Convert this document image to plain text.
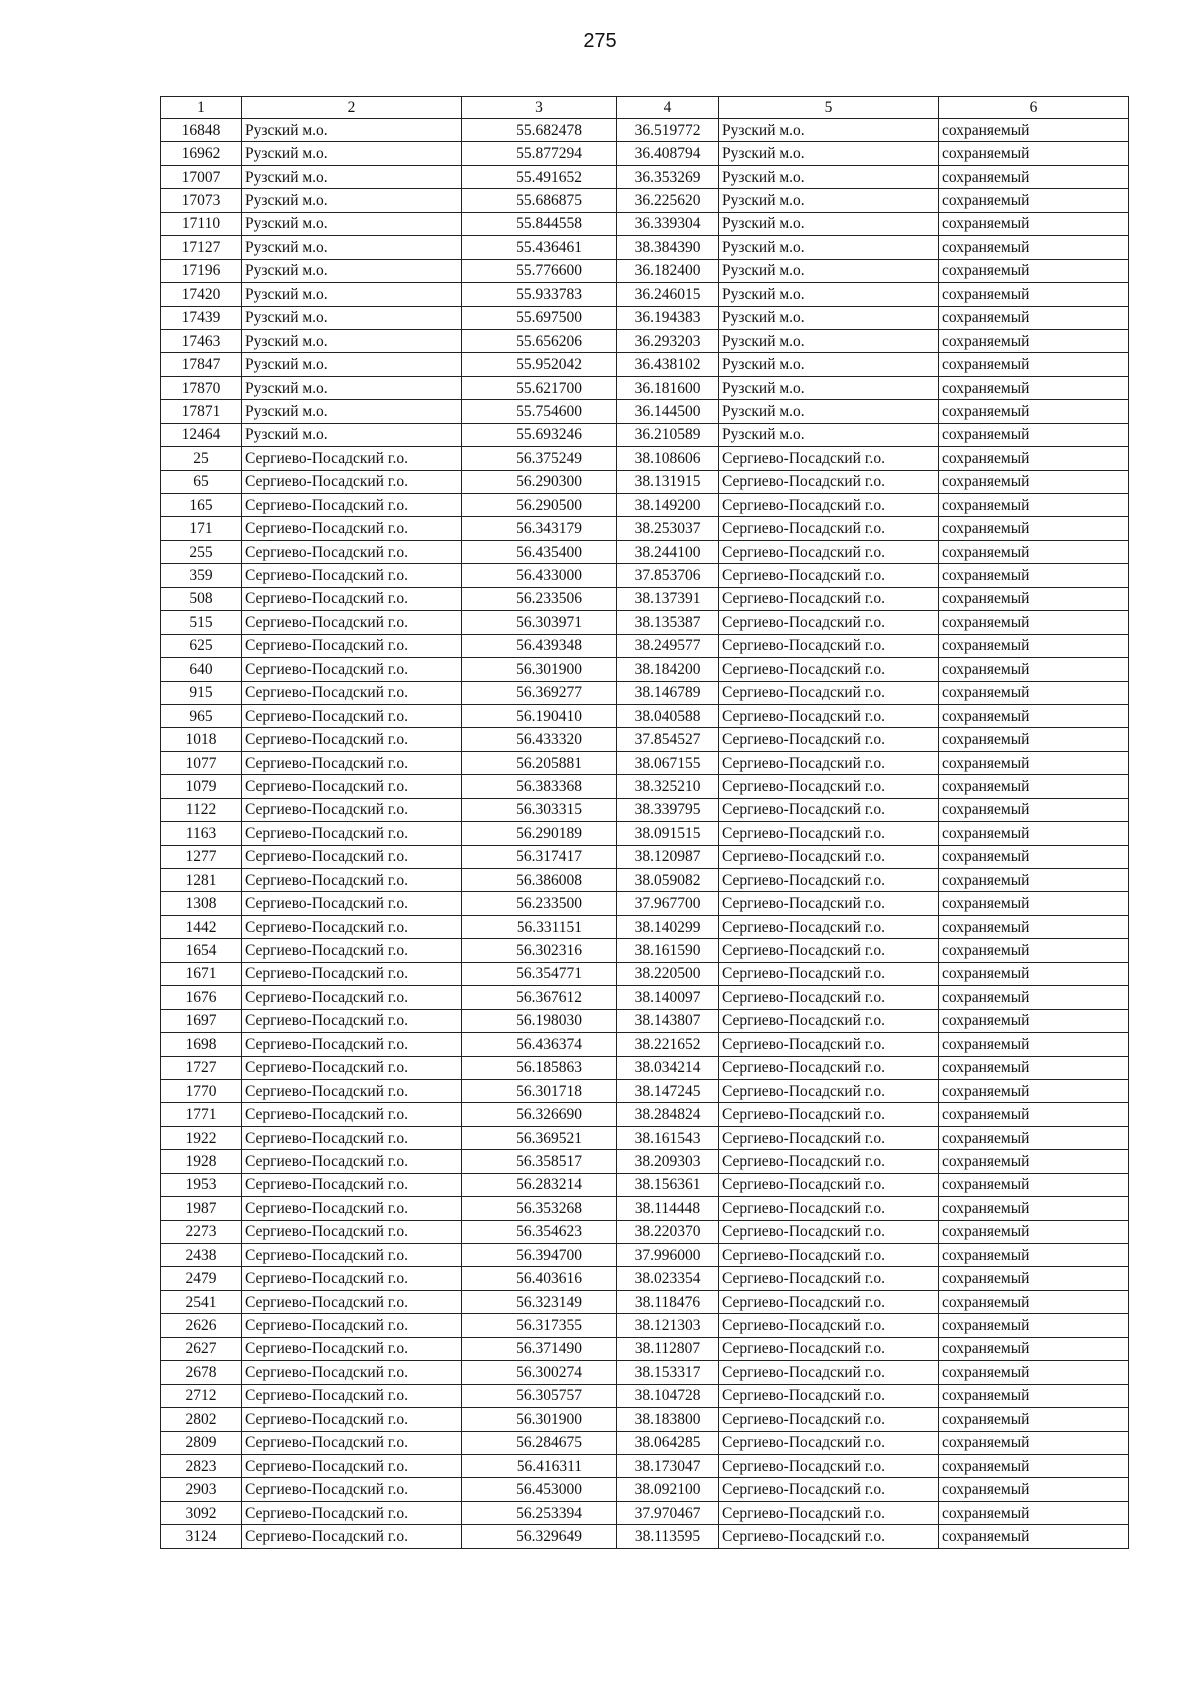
275
1	2	3	4	5	6
16848	Рузский м.о.	55.682478	36.519772	Рузский м.о.	сохраняемый
16962	Рузский м.о.	55.877294	36.408794	Рузский м.о.	сохраняемый
17007	Рузский м.о.	55.491652	36.353269	Рузский м.о.	сохраняемый
17073	Рузский м.о.	55.686875	36.225620	Рузский м.о.	сохраняемый
17110	Рузский м.о.	55.844558	36.339304	Рузский м.о.	сохраняемый
17127	Рузский м.о.	55.436461	38.384390	Рузский м.о.	сохраняемый
17196	Рузский м.о.	55.776600	36.182400	Рузский м.о.	сохраняемый
17420	Рузский м.о.	55.933783	36.246015	Рузский м.о.	сохраняемый
17439	Рузский м.о.	55.697500	36.194383	Рузский м.о.	сохраняемый
17463	Рузский м.о.	55.656206	36.293203	Рузский м.о.	сохраняемый
17847	Рузский м.о.	55.952042	36.438102	Рузский м.о.	сохраняемый
17870	Рузский м.о.	55.621700	36.181600	Рузский м.о.	сохраняемый
17871	Рузский м.о.	55.754600	36.144500	Рузский м.о.	сохраняемый
12464	Рузский м.о.	55.693246	36.210589	Рузский м.о.	сохраняемый
25	Сергиево-Посадский г.о.	56.375249	38.108606	Сергиево-Посадский г.о.	сохраняемый
65	Сергиево-Посадский г.о.	56.290300	38.131915	Сергиево-Посадский г.о.	сохраняемый
165	Сергиево-Посадский г.о.	56.290500	38.149200	Сергиево-Посадский г.о.	сохраняемый
171	Сергиево-Посадский г.о.	56.343179	38.253037	Сергиево-Посадский г.о.	сохраняемый
255	Сергиево-Посадский г.о.	56.435400	38.244100	Сергиево-Посадский г.о.	сохраняемый
359	Сергиево-Посадский г.о.	56.433000	37.853706	Сергиево-Посадский г.о.	сохраняемый
508	Сергиево-Посадский г.о.	56.233506	38.137391	Сергиево-Посадский г.о.	сохраняемый
515	Сергиево-Посадский г.о.	56.303971	38.135387	Сергиево-Посадский г.о.	сохраняемый
625	Сергиево-Посадский г.о.	56.439348	38.249577	Сергиево-Посадский г.о.	сохраняемый
640	Сергиево-Посадский г.о.	56.301900	38.184200	Сергиево-Посадский г.о.	сохраняемый
915	Сергиево-Посадский г.о.	56.369277	38.146789	Сергиево-Посадский г.о.	сохраняемый
965	Сергиево-Посадский г.о.	56.190410	38.040588	Сергиево-Посадский г.о.	сохраняемый
1018	Сергиево-Посадский г.о.	56.433320	37.854527	Сергиево-Посадский г.о.	сохраняемый
1077	Сергиево-Посадский г.о.	56.205881	38.067155	Сергиево-Посадский г.о.	сохраняемый
1079	Сергиево-Посадский г.о.	56.383368	38.325210	Сергиево-Посадский г.о.	сохраняемый
1122	Сергиево-Посадский г.о.	56.303315	38.339795	Сергиево-Посадский г.о.	сохраняемый
1163	Сергиево-Посадский г.о.	56.290189	38.091515	Сергиево-Посадский г.о.	сохраняемый
1277	Сергиево-Посадский г.о.	56.317417	38.120987	Сергиево-Посадский г.о.	сохраняемый
1281	Сергиево-Посадский г.о.	56.386008	38.059082	Сергиево-Посадский г.о.	сохраняемый
1308	Сергиево-Посадский г.о.	56.233500	37.967700	Сергиево-Посадский г.о.	сохраняемый
1442	Сергиево-Посадский г.о.	56.331151	38.140299	Сергиево-Посадский г.о.	сохраняемый
1654	Сергиево-Посадский г.о.	56.302316	38.161590	Сергиево-Посадский г.о.	сохраняемый
1671	Сергиево-Посадский г.о.	56.354771	38.220500	Сергиево-Посадский г.о.	сохраняемый
1676	Сергиево-Посадский г.о.	56.367612	38.140097	Сергиево-Посадский г.о.	сохраняемый
1697	Сергиево-Посадский г.о.	56.198030	38.143807	Сергиево-Посадский г.о.	сохраняемый
1698	Сергиево-Посадский г.о.	56.436374	38.221652	Сергиево-Посадский г.о.	сохраняемый
1727	Сергиево-Посадский г.о.	56.185863	38.034214	Сергиево-Посадский г.о.	сохраняемый
1770	Сергиево-Посадский г.о.	56.301718	38.147245	Сергиево-Посадский г.о.	сохраняемый
1771	Сергиево-Посадский г.о.	56.326690	38.284824	Сергиево-Посадский г.о.	сохраняемый
1922	Сергиево-Посадский г.о.	56.369521	38.161543	Сергиево-Посадский г.о.	сохраняемый
1928	Сергиево-Посадский г.о.	56.358517	38.209303	Сергиево-Посадский г.о.	сохраняемый
1953	Сергиево-Посадский г.о.	56.283214	38.156361	Сергиево-Посадский г.о.	сохраняемый
1987	Сергиево-Посадский г.о.	56.353268	38.114448	Сергиево-Посадский г.о.	сохраняемый
2273	Сергиево-Посадский г.о.	56.354623	38.220370	Сергиево-Посадский г.о.	сохраняемый
2438	Сергиево-Посадский г.о.	56.394700	37.996000	Сергиево-Посадский г.о.	сохраняемый
2479	Сергиево-Посадский г.о.	56.403616	38.023354	Сергиево-Посадский г.о.	сохраняемый
2541	Сергиево-Посадский г.о.	56.323149	38.118476	Сергиево-Посадский г.о.	сохраняемый
2626	Сергиево-Посадский г.о.	56.317355	38.121303	Сергиево-Посадский г.о.	сохраняемый
2627	Сергиево-Посадский г.о.	56.371490	38.112807	Сергиево-Посадский г.о.	сохраняемый
2678	Сергиево-Посадский г.о.	56.300274	38.153317	Сергиево-Посадский г.о.	сохраняемый
2712	Сергиево-Посадский г.о.	56.305757	38.104728	Сергиево-Посадский г.о.	сохраняемый
2802	Сергиево-Посадский г.о.	56.301900	38.183800	Сергиево-Посадский г.о.	сохраняемый
2809	Сергиево-Посадский г.о.	56.284675	38.064285	Сергиево-Посадский г.о.	сохраняемый
2823	Сергиево-Посадский г.о.	56.416311	38.173047	Сергиево-Посадский г.о.	сохраняемый
2903	Сергиево-Посадский г.о.	56.453000	38.092100	Сергиево-Посадский г.о.	сохраняемый
3092	Сергиево-Посадский г.о.	56.253394	37.970467	Сергиево-Посадский г.о.	сохраняемый
3124	Сергиево-Посадский г.о.	56.329649	38.113595	Сергиево-Посадский г.о.	сохраняемый
